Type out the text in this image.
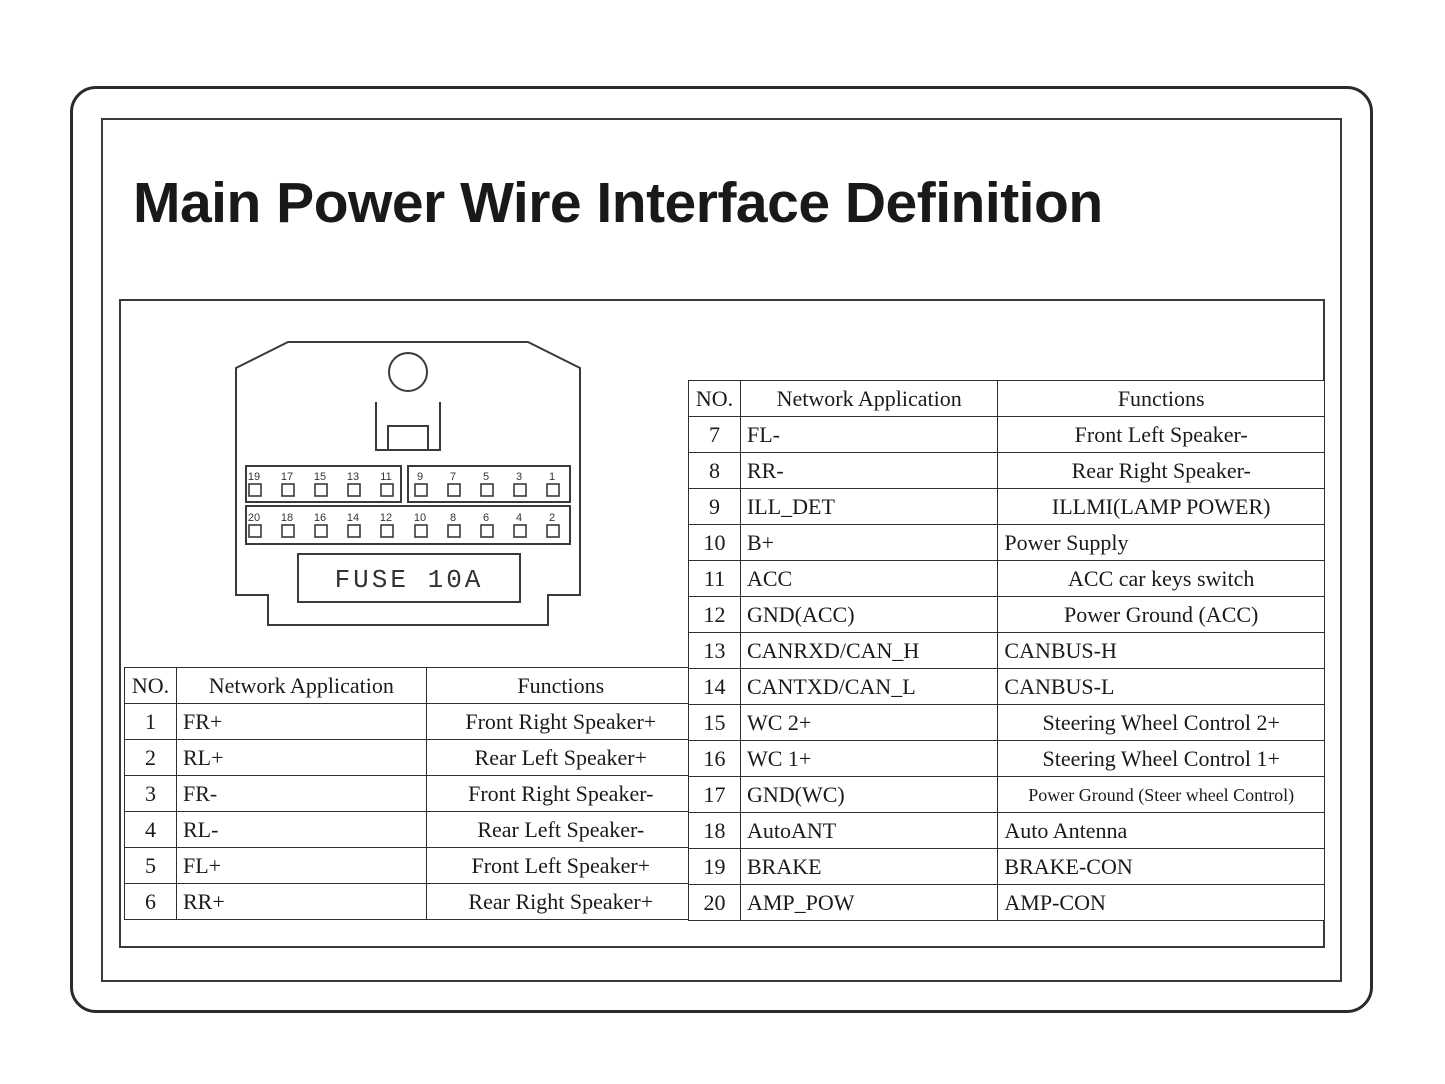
Main Power Wire Interface Definition
19 17 15 13 11 9 7 5 3 1
20 18 16 14 12 10 8 6 4 2
FUSE 10A
NO.	Network Application	Functions
1	FR+	Front Right Speaker+
2	RL+	Rear Left Speaker+
3	FR-	Front Right Speaker-
4	RL-	Rear Left Speaker-
5	FL+	Front Left Speaker+
6	RR+	Rear Right Speaker+
NO.	Network Application	Functions
7	FL-	Front Left Speaker-
8	RR-	Rear Right Speaker-
9	ILL_DET	ILLMI(LAMP POWER)
10	B+	Power Supply
11	ACC	ACC car keys switch
12	GND(ACC)	Power Ground (ACC)
13	CANRXD/CAN_H	CANBUS-H
14	CANTXD/CAN_L	CANBUS-L
15	WC 2+	Steering Wheel Control 2+
16	WC 1+	Steering Wheel Control 1+
17	GND(WC)	Power Ground (Steer wheel Control)
18	AutoANT	Auto Antenna
19	BRAKE	BRAKE-CON
20	AMP_POW	AMP-CON
